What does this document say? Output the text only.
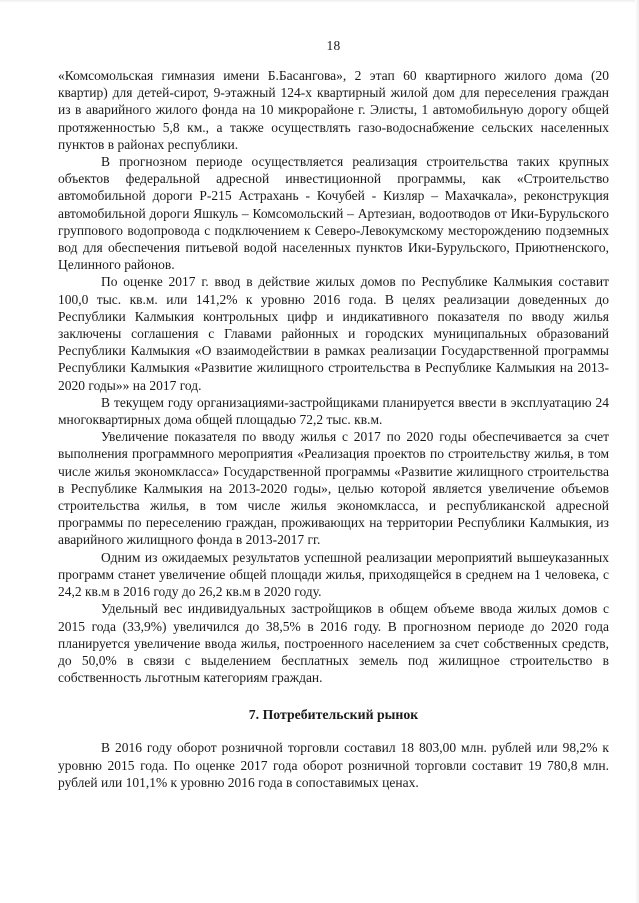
18

«Комсомольская гимназия имени Б.Басангова», 2 этап 60 квартирного жилого дома (20 квартир) для детей-сирот, 9-этажный 124-х квартирный жилой дом для переселения граждан из в аварийного жилого фонда на 10 микрорайоне г. Элисты, 1 автомобильную дорогу общей протяженностью 5,8 км., а также осуществлять газо-водоснабжение сельских населенных пунктов в районах республики.

В прогнозном периоде осуществляется реализация строительства таких крупных объектов федеральной адресной инвестиционной программы, как «Строительство автомобильной дороги Р-215 Астрахань - Кочубей - Кизляр – Махачкала», реконструкция автомобильной дороги Яшкуль – Комсомольский – Артезиан, водоотводов от Ики-Бурульского группового водопровода с подключением к Северо-Левокумскому месторождению подземных вод для обеспечения питьевой водой населенных пунктов Ики-Бурульского, Приютненского, Целинного районов.

По оценке 2017 г. ввод в действие жилых домов по Республике Калмыкия составит 100,0 тыс. кв.м. или 141,2% к уровню 2016 года. В целях реализации доведенных до Республики Калмыкия контрольных цифр и индикативного показателя по вводу жилья заключены соглашения с Главами районных и городских муниципальных образований Республики Калмыкия «О взаимодействии в рамках реализации Государственной программы Республики Калмыкия «Развитие жилищного строительства в Республике Калмыкия на 2013-2020 годы»» на 2017 год.

В текущем году организациями-застройщиками планируется ввести в эксплуатацию 24 многоквартирных дома общей площадью 72,2 тыс. кв.м.

Увеличение показателя по вводу жилья с 2017 по 2020 годы обеспечивается за счет выполнения программного мероприятия «Реализация проектов по строительству жилья, в том числе жилья экономкласса» Государственной программы «Развитие жилищного строительства в Республике Калмыкия на 2013-2020 годы», целью которой является увеличение объемов строительства жилья, в том числе жилья экономкласса, и республиканской адресной программы по переселению граждан, проживающих на территории Республики Калмыкия, из аварийного жилищного фонда в 2013-2017 гг.

Одним из ожидаемых результатов успешной реализации мероприятий вышеуказанных программ станет увеличение общей площади жилья, приходящейся в среднем на 1 человека, с 24,2 кв.м в 2016 году до 26,2 кв.м в 2020 году.

Удельный вес индивидуальных застройщиков в общем объеме ввода жилых домов с 2015 года (33,9%) увеличился до 38,5% в 2016 году. В прогнозном периоде до 2020 года планируется увеличение ввода жилья, построенного населением за счет собственных средств, до 50,0% в связи с выделением бесплатных земель под жилищное строительство в собственность льготным категориям граждан.

7. Потребительский рынок

В 2016 году оборот розничной торговли составил 18 803,00 млн. рублей или 98,2% к уровню 2015 года. По оценке 2017 года оборот розничной торговли составит 19 780,8 млн. рублей или 101,1% к уровню 2016 года в сопоставимых ценах.
